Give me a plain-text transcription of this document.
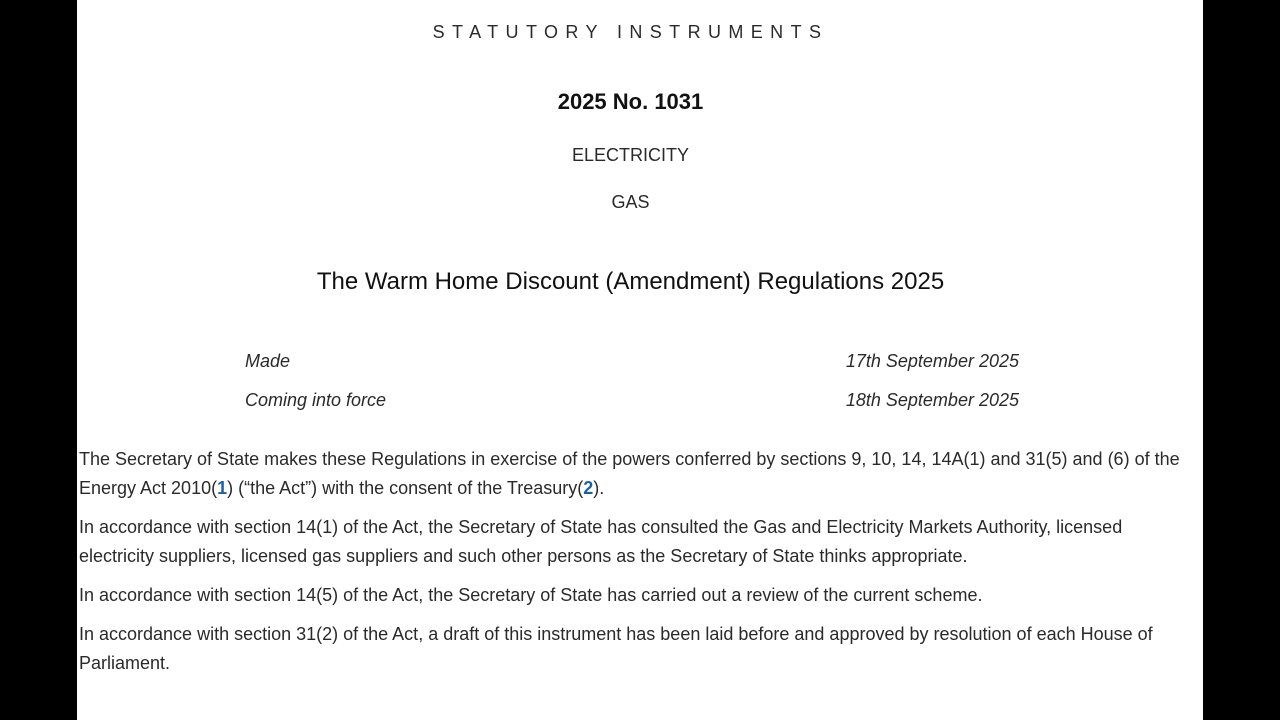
STATUTORY INSTRUMENTS
2025 No. 1031
ELECTRICITY
GAS
The Warm Home Discount (Amendment) Regulations 2025
Made	17th September 2025
Coming into force	18th September 2025

The Secretary of State makes these Regulations in exercise of the powers conferred by sections 9, 10, 14, 14A(1) and 31(5) and (6) of the Energy Act 2010(1) (“the Act”) with the consent of the Treasury(2).

In accordance with section 14(1) of the Act, the Secretary of State has consulted the Gas and Electricity Markets Authority, licensed electricity suppliers, licensed gas suppliers and such other persons as the Secretary of State thinks appropriate.

In accordance with section 14(5) of the Act, the Secretary of State has carried out a review of the current scheme.

In accordance with section 31(2) of the Act, a draft of this instrument has been laid before and approved by resolution of each House of Parliament.
